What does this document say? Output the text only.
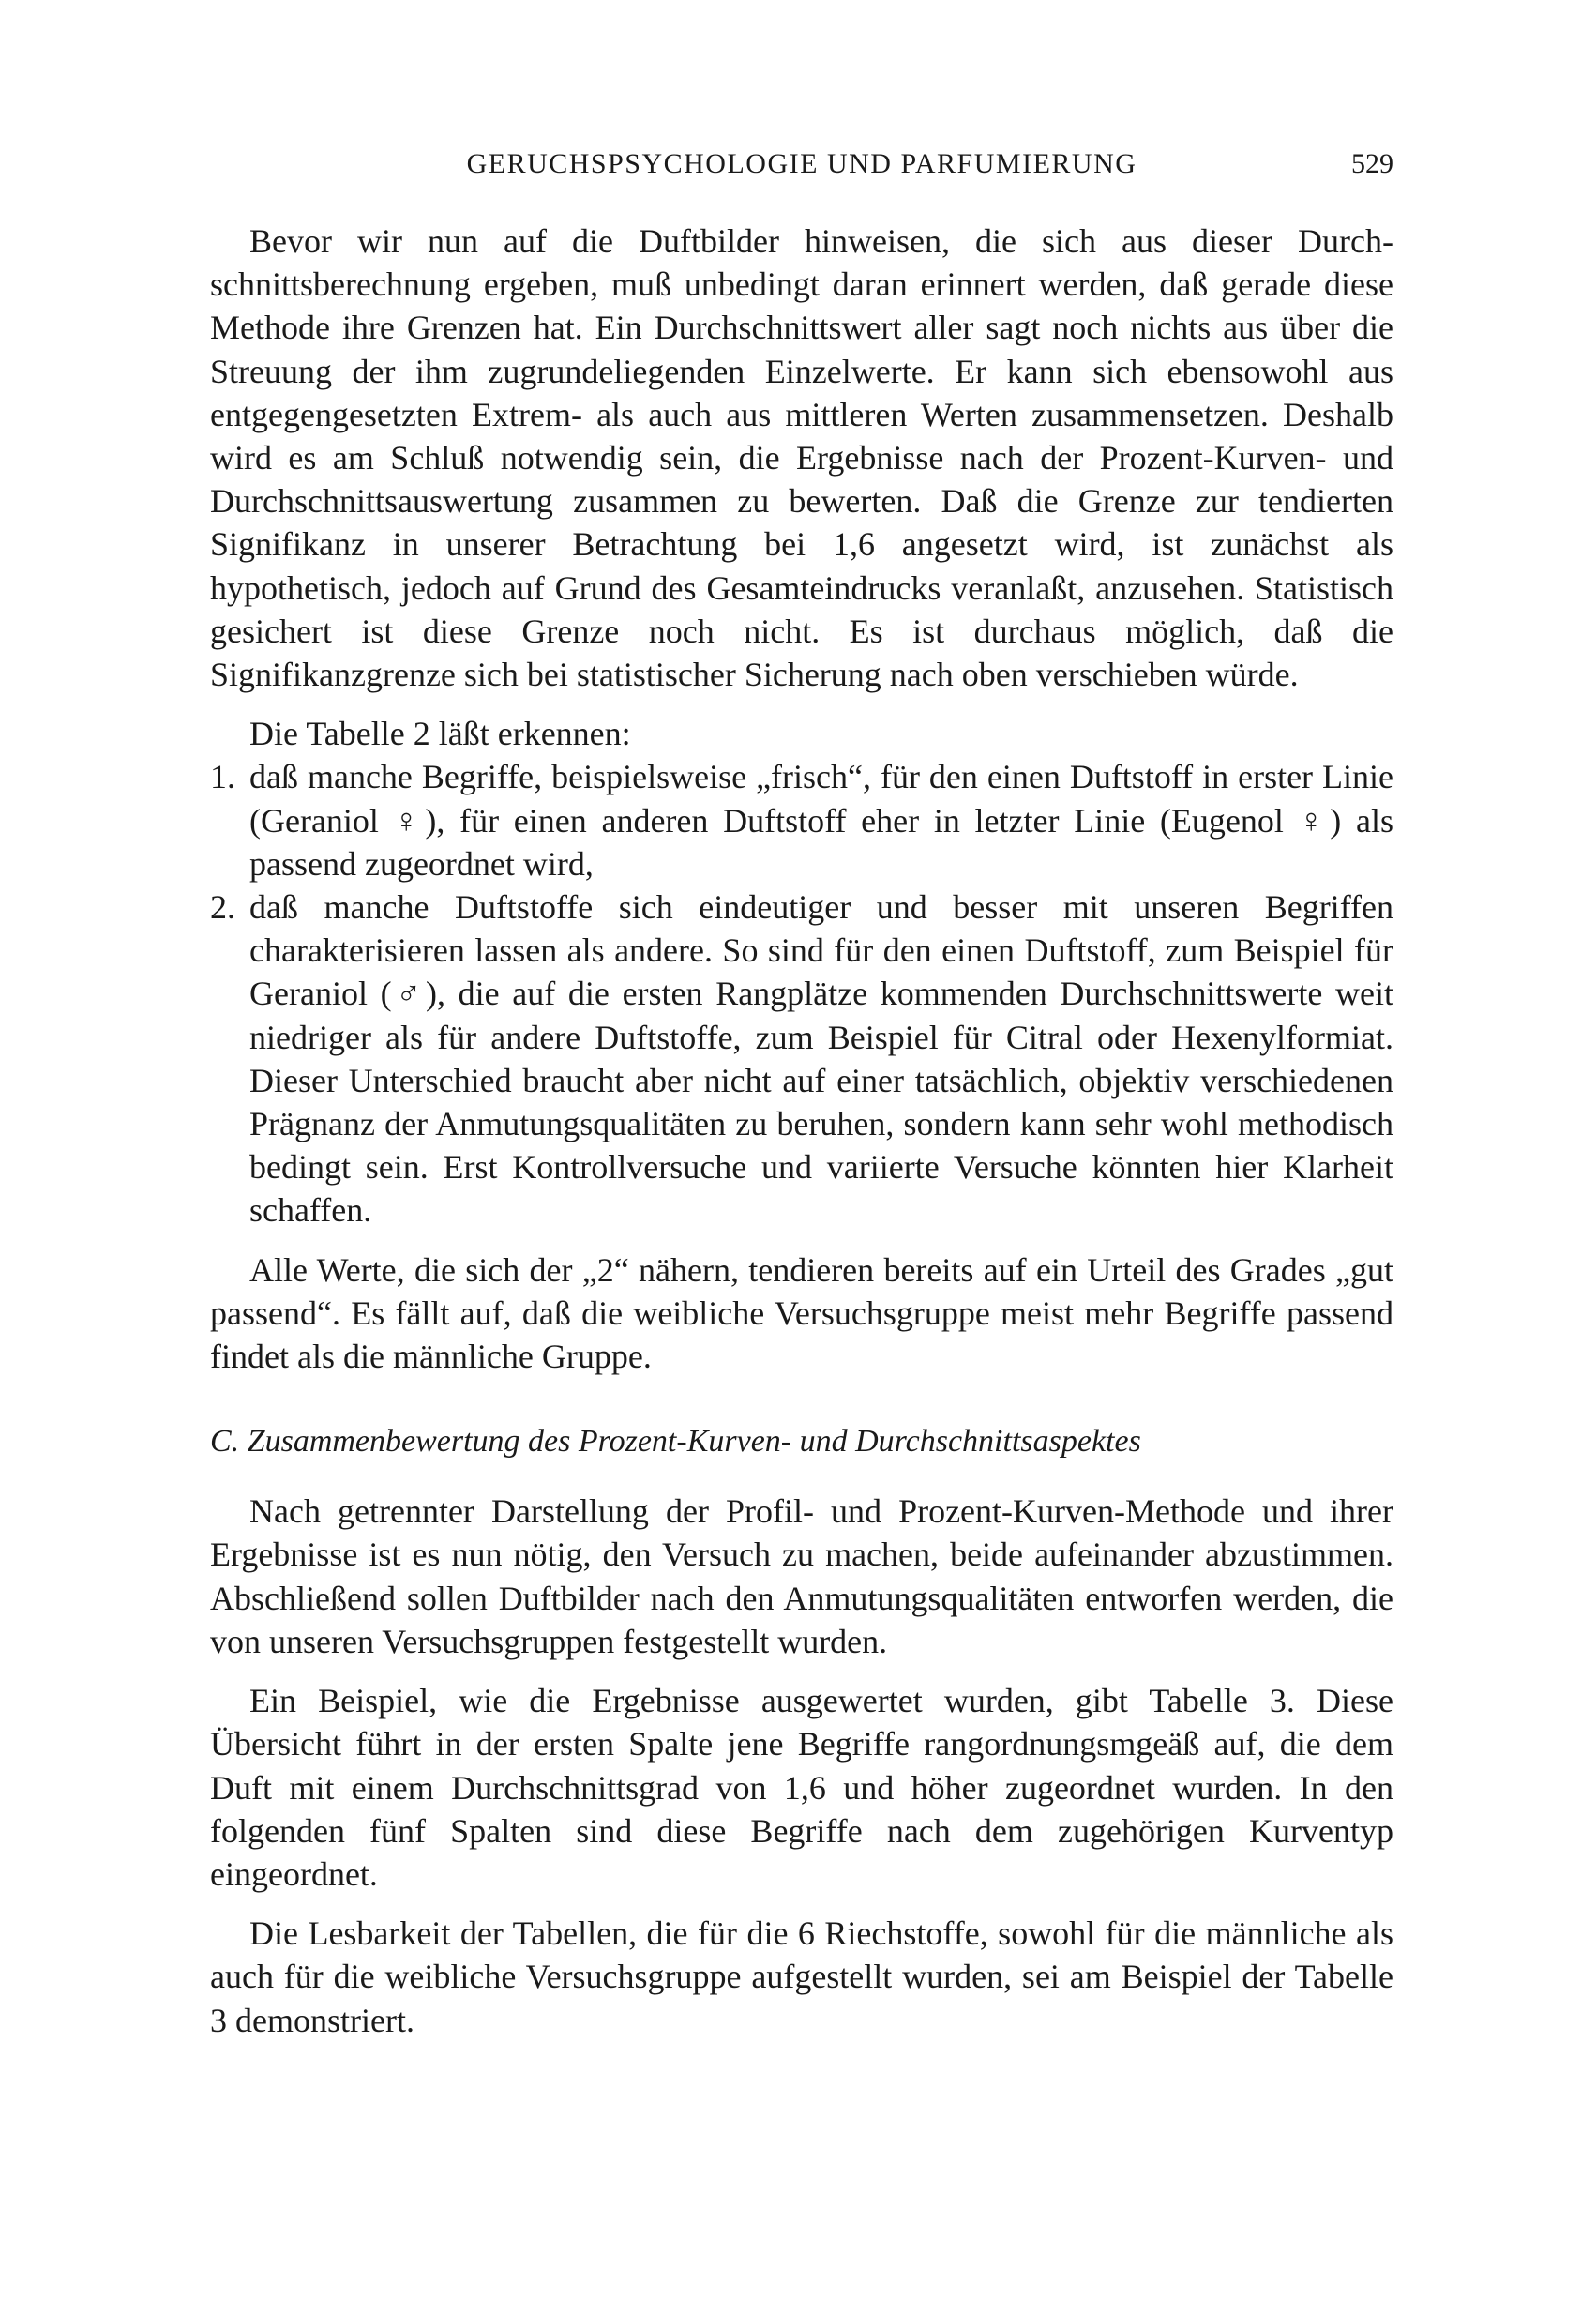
GERUCHSPSYCHOLOGIE UND PARFUMIERUNG	529

Bevor wir nun auf die Duftbilder hinweisen, die sich aus dieser Durchschnittsberechnung ergeben, muß unbedingt daran erinnert werden, daß gerade diese Methode ihre Grenzen hat. Ein Durchschnittswert aller sagt noch nichts aus über die Streuung der ihm zugrundeliegenden Einzelwerte. Er kann sich ebensowohl aus entgegengesetzten Extrem- als auch aus mittleren Werten zusammensetzen. Deshalb wird es am Schluß notwendig sein, die Ergebnisse nach der Prozent-Kurven- und Durchschnittsauswertung zusammen zu bewerten. Daß die Grenze zur tendierten Signifikanz in unserer Betrachtung bei 1,6 angesetzt wird, ist zunächst als hypothetisch, jedoch auf Grund des Gesamteindrucks veranlaßt, anzusehen. Statistisch gesichert ist diese Grenze noch nicht. Es ist durchaus möglich, daß die Signifikanzgrenze sich bei statistischer Sicherung nach oben verschieben würde.

Die Tabelle 2 läßt erkennen:

1. daß manche Begriffe, beispielsweise „frisch“, für den einen Duftstoff in erster Linie (Geraniol ♀), für einen anderen Duftstoff eher in letzter Linie (Eugenol ♀) als passend zugeordnet wird,
2. daß manche Duftstoffe sich eindeutiger und besser mit unseren Begriffen charakterisieren lassen als andere. So sind für den einen Duftstoff, zum Beispiel für Geraniol (♂), die auf die ersten Rangplätze kommenden Durchschnittswerte weit niedriger als für andere Duftstoffe, zum Beispiel für Citral oder Hexenylformiat. Dieser Unterschied braucht aber nicht auf einer tatsächlich, objektiv verschiedenen Prägnanz der Anmutungsqualitäten zu beruhen, sondern kann sehr wohl methodisch bedingt sein. Erst Kontrollversuche und variierte Versuche könnten hier Klarheit schaffen.

Alle Werte, die sich der „2“ nähern, tendieren bereits auf ein Urteil des Grades „gut passend“. Es fällt auf, daß die weibliche Versuchsgruppe meist mehr Begriffe passend findet als die männliche Gruppe.

C. Zusammenbewertung des Prozent-Kurven- und Durchschnittsaspektes

Nach getrennter Darstellung der Profil- und Prozent-Kurven-Methode und ihrer Ergebnisse ist es nun nötig, den Versuch zu machen, beide aufeinander abzustimmen. Abschließend sollen Duftbilder nach den Anmutungsqualitäten entworfen werden, die von unseren Versuchsgruppen festgestellt wurden.

Ein Beispiel, wie die Ergebnisse ausgewertet wurden, gibt Tabelle 3. Diese Übersicht führt in der ersten Spalte jene Begriffe rangordnungsmgeäß auf, die dem Duft mit einem Durchschnittsgrad von 1,6 und höher zugeordnet wurden. In den folgenden fünf Spalten sind diese Begriffe nach dem zugehörigen Kurventyp eingeordnet.

Die Lesbarkeit der Tabellen, die für die 6 Riechstoffe, sowohl für die männliche als auch für die weibliche Versuchsgruppe aufgestellt wurden, sei am Beispiel der Tabelle 3 demonstriert.
